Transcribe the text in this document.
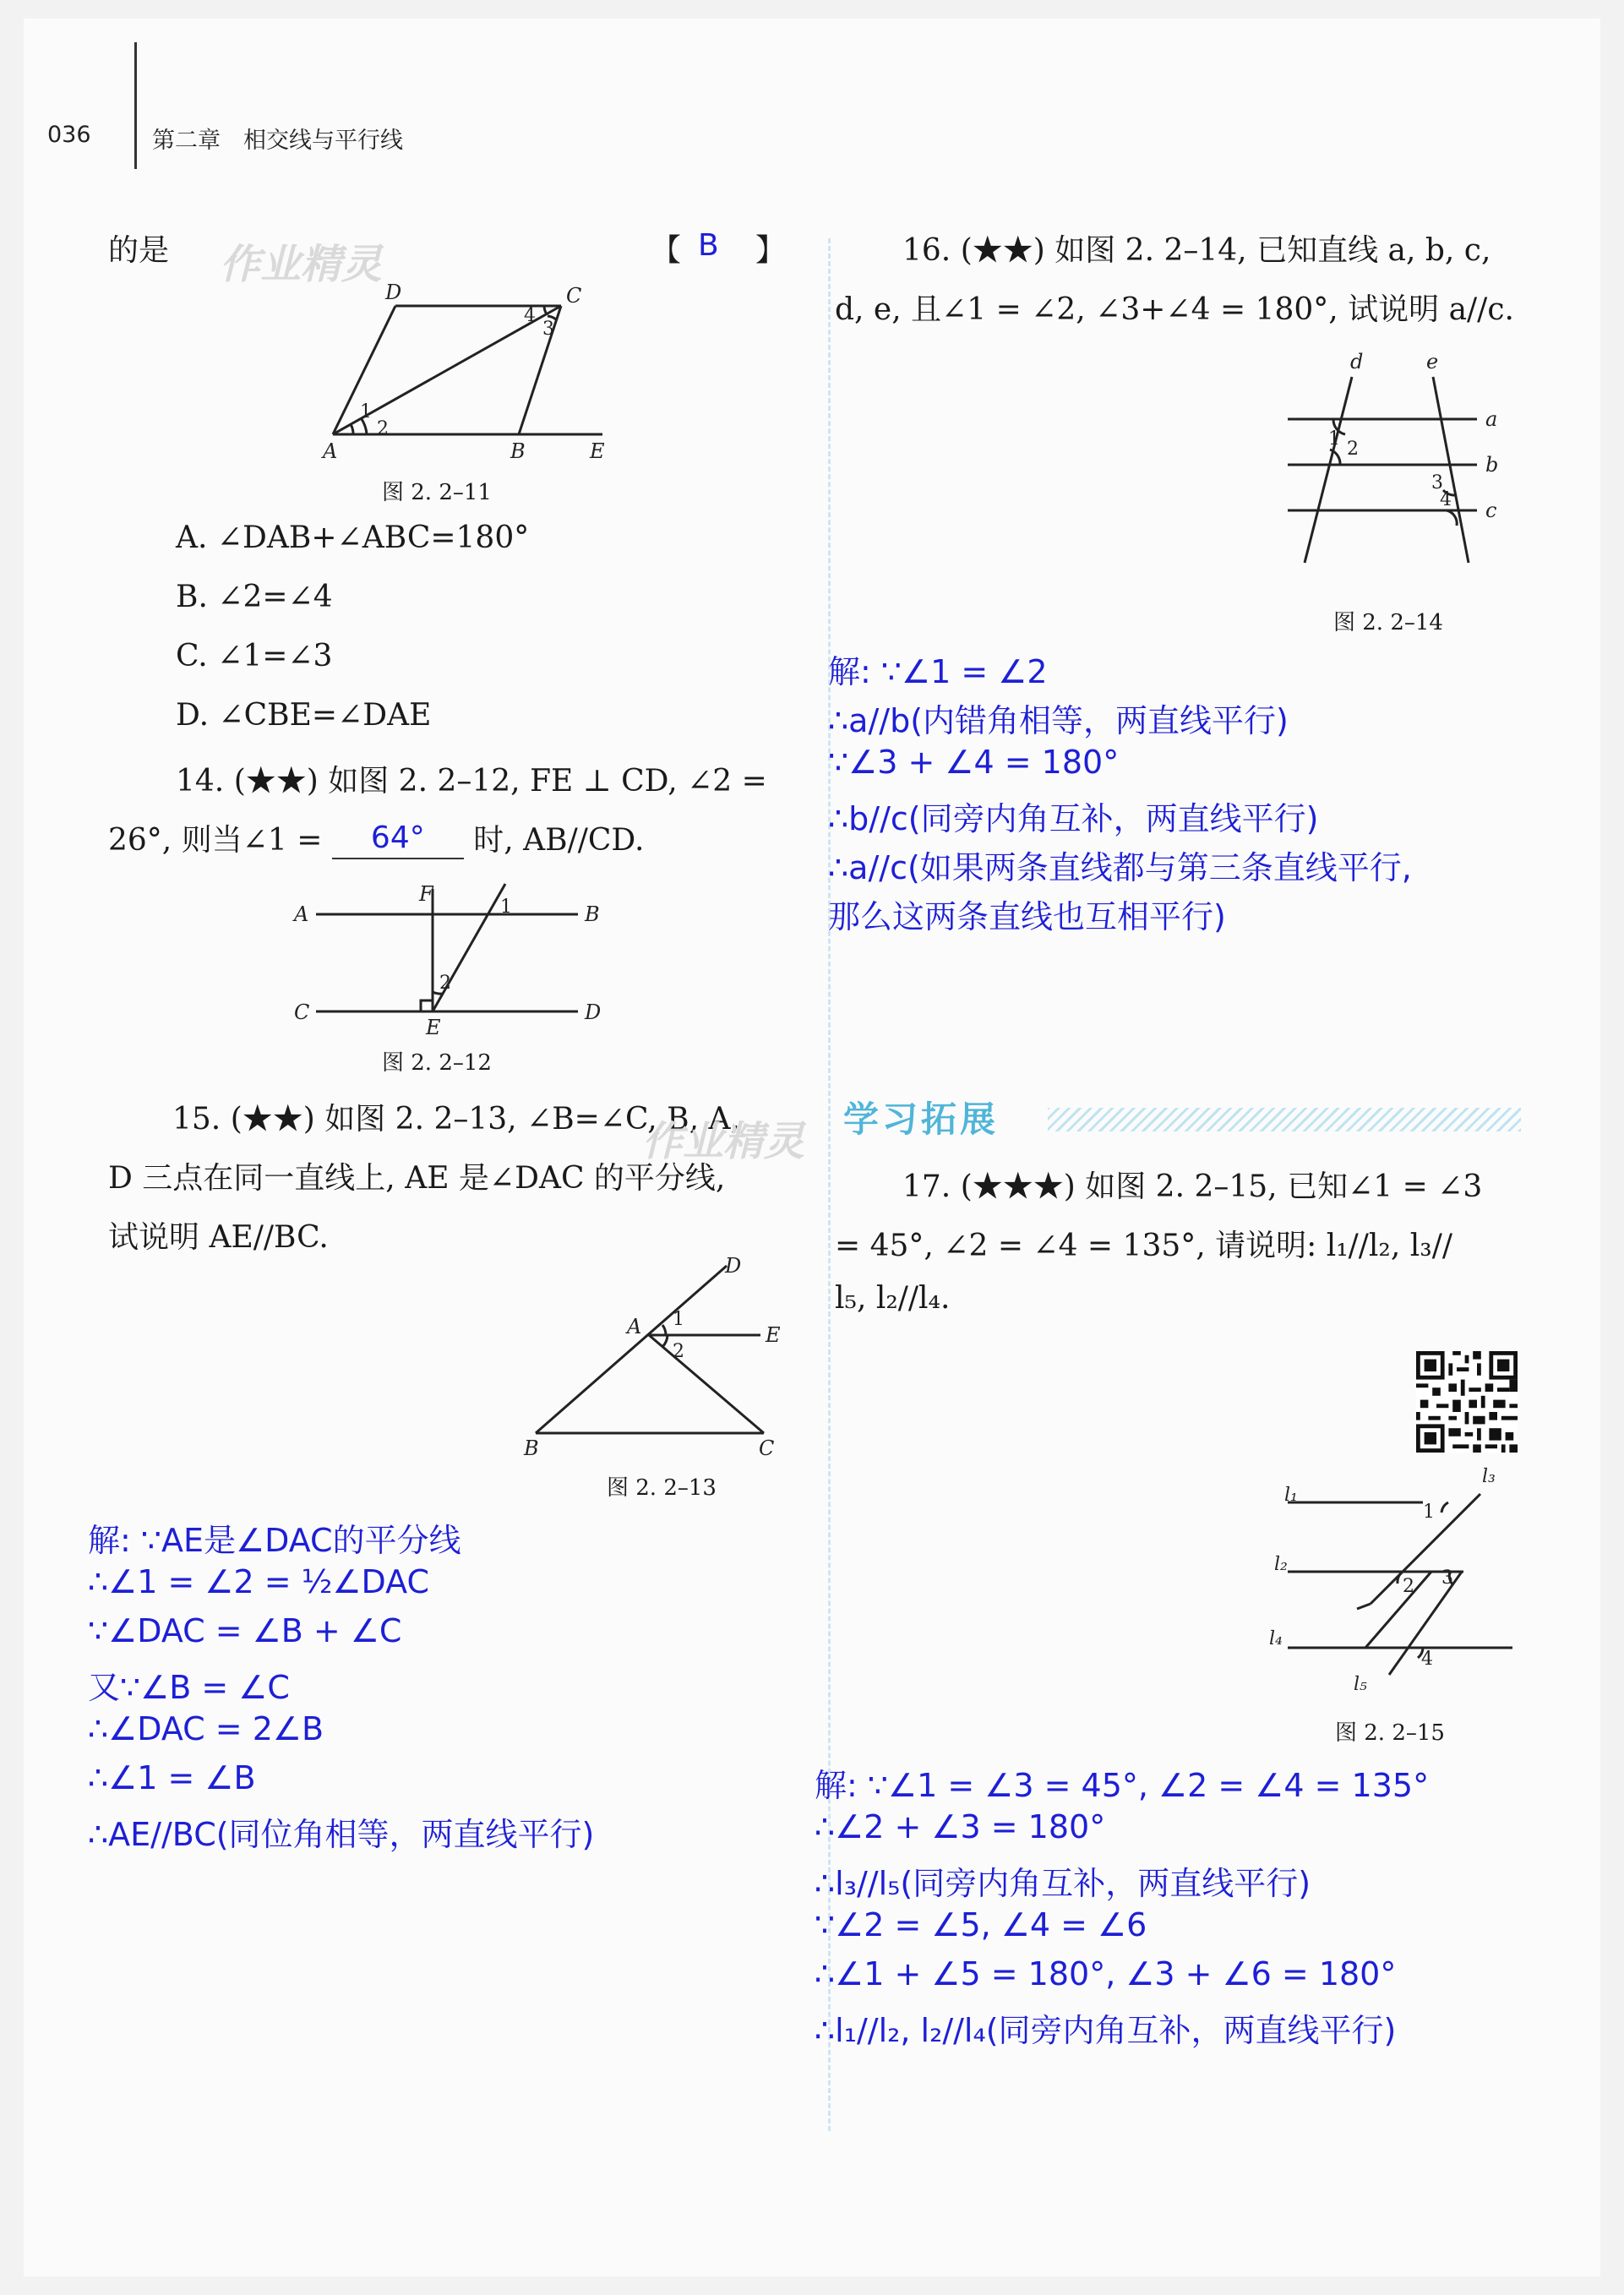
036	第二章　相交线与平行线
的是 作业精灵	【 B 】
D	C
A	B	E
1
2
3
4
图 2. 2–11
A. ∠DAB+∠ABC=180°
B. ∠2=∠4
C. ∠1=∠3
D. ∠CBE=∠DAE
14. (★★) 如图 2. 2–12, FE ⊥ CD, ∠2 =
26°, 则当∠1 = 64° 时, AB//CD.
A
F
B
C
E
D
1
2
图 2. 2–12
15. (★★) 如图 2. 2–13, ∠B=∠C, B, A,
作业精灵
D 三点在同一直线上, AE 是∠DAC 的平分线,
试说明 AE//BC.
D
A	E
B	C
1
2
图 2. 2–13
解: ∵AE是∠DAC的平分线
∴∠1 = ∠2 = ½∠DAC
∵∠DAC = ∠B + ∠C
又∵∠B = ∠C
∴∠DAC = 2∠B
∴∠1 = ∠B
∴AE//BC(同位角相等，两直线平行)
16. (★★) 如图 2. 2–14, 已知直线 a, b, c,
d, e, 且∠1 = ∠2, ∠3+∠4 = 180°, 试说明 a//c.
d	e
a
b
c
1 2
3
4
图 2. 2–14
解: ∵∠1 = ∠2
∴a//b(内错角相等，两直线平行)
∵∠3 + ∠4 = 180°
∴b//c(同旁内角互补，两直线平行)
∴a//c(如果两条直线都与第三条直线平行,
那么这两条直线也互相平行)
学习拓展
17. (★★★) 如图 2. 2–15, 已知∠1 = ∠3
= 45°, ∠2 = ∠4 = 135°, 请说明: l₁//l₂, l₃//
l₅, l₂//l₄.
l₃
l₁
l₂
l₄
l₅
1
2 3
4
图 2. 2–15
解: ∵∠1 = ∠3 = 45°, ∠2 = ∠4 = 135°
∴∠2 + ∠3 = 180°
∴l₃//l₅(同旁内角互补，两直线平行)
∵∠2 = ∠5, ∠4 = ∠6
∴∠1 + ∠5 = 180°, ∠3 + ∠6 = 180°
∴l₁//l₂, l₂//l₄(同旁内角互补，两直线平行)
